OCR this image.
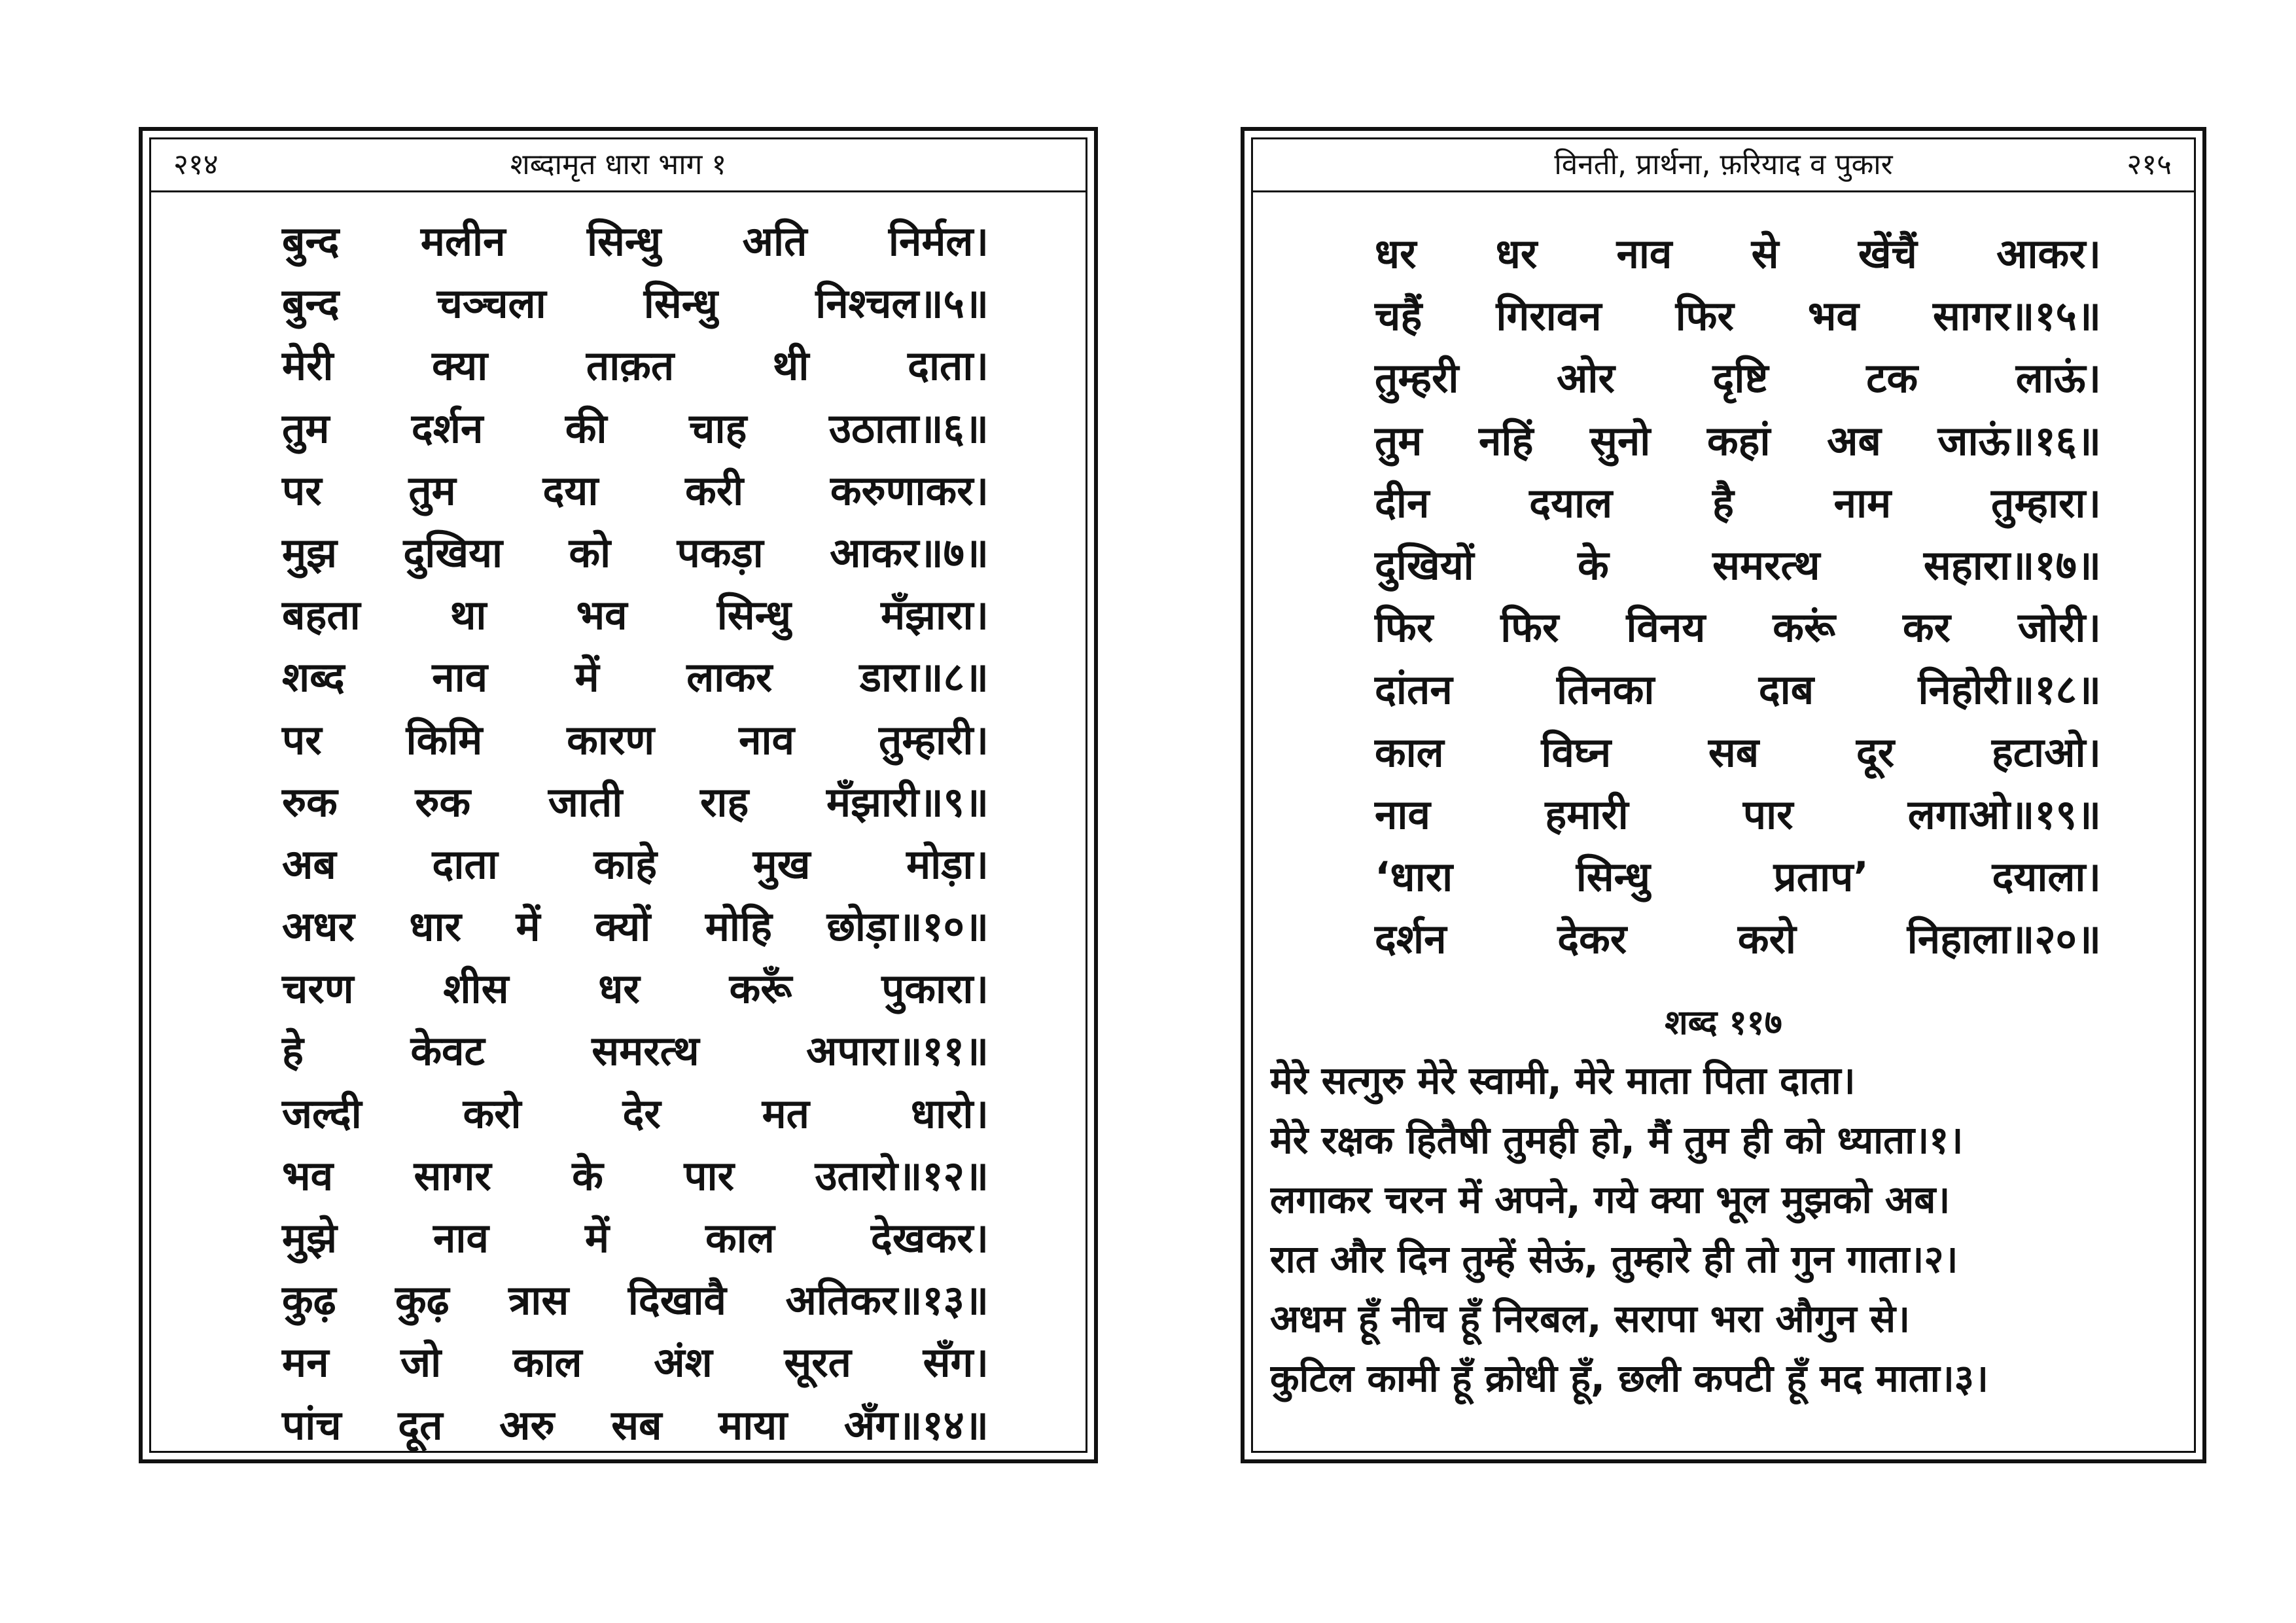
२१४	शब्दामृत धारा भाग १
बुन्द मलीन सिन्धु अति निर्मल।
बुन्द चञ्चला सिन्धु निश्चल॥५॥
मेरी क्या ताक़त थी दाता।
तुम दर्शन की चाह उठाता॥६॥
पर तुम दया करी करुणाकर।
मुझ दुखिया को पकड़ा आकर॥७॥
बहता था भव सिन्धु मँझारा।
शब्द नाव में लाकर डारा॥८॥
पर किमि कारण नाव तुम्हारी।
रुक रुक जाती राह मँझारी॥९॥
अब दाता काहे मुख मोड़ा।
अधर धार में क्यों मोहि छोड़ा॥१०॥
चरण शीस धर करूँ पुकारा।
हे	केवट	समरत्थ	अपारा॥११॥
जल्दी करो देर मत धारो।
भव सागर के पार उतारो॥१२॥
मुझे नाव में काल देखकर।
कुढ़ कुढ़ त्रास दिखावै अतिकर॥१३॥
मन जो काल अंश सूरत सँग।
पांच दूत अरु सब माया अँग॥१४॥
विनती, प्रार्थना, फ़रियाद व पुकार	२१५
धर धर नाव से खेंचैं आकर।
चहैं गिरावन फिर भव सागर॥१५॥
तुम्हरी ओर दृष्टि टक लाऊं।
तुम नहिं सुनो कहां अब जाऊं॥१६॥
दीन दयाल है नाम तुम्हारा।
दुखियों	के	समरत्थ	सहारा॥१७॥
फिर फिर विनय करूं कर जोरी।
दांतन	तिनका	दाब	निहोरी॥१८॥
काल विघ्न सब दूर हटाओ।
नाव	हमारी	पार	लगाओ॥१९॥
‘धारा	सिन्धु	प्रताप’	दयाला।
दर्शन	देकर	करो	निहाला॥२०॥
शब्द ११७
मेरे सत्गुरु मेरे स्वामी, मेरे माता पिता दाता।
मेरे रक्षक हितैषी तुमही हो, मैं तुम ही को ध्याता।१।
लगाकर चरन में अपने, गये क्या भूल मुझको अब।
रात और दिन तुम्हें सेऊं, तुम्हारे ही तो गुन गाता।२।
अधम हूँ नीच हूँ निरबल, सरापा भरा औगुन से।
कुटिल कामी हूँ क्रोधी हूँ, छली कपटी हूँ मद माता।३।
